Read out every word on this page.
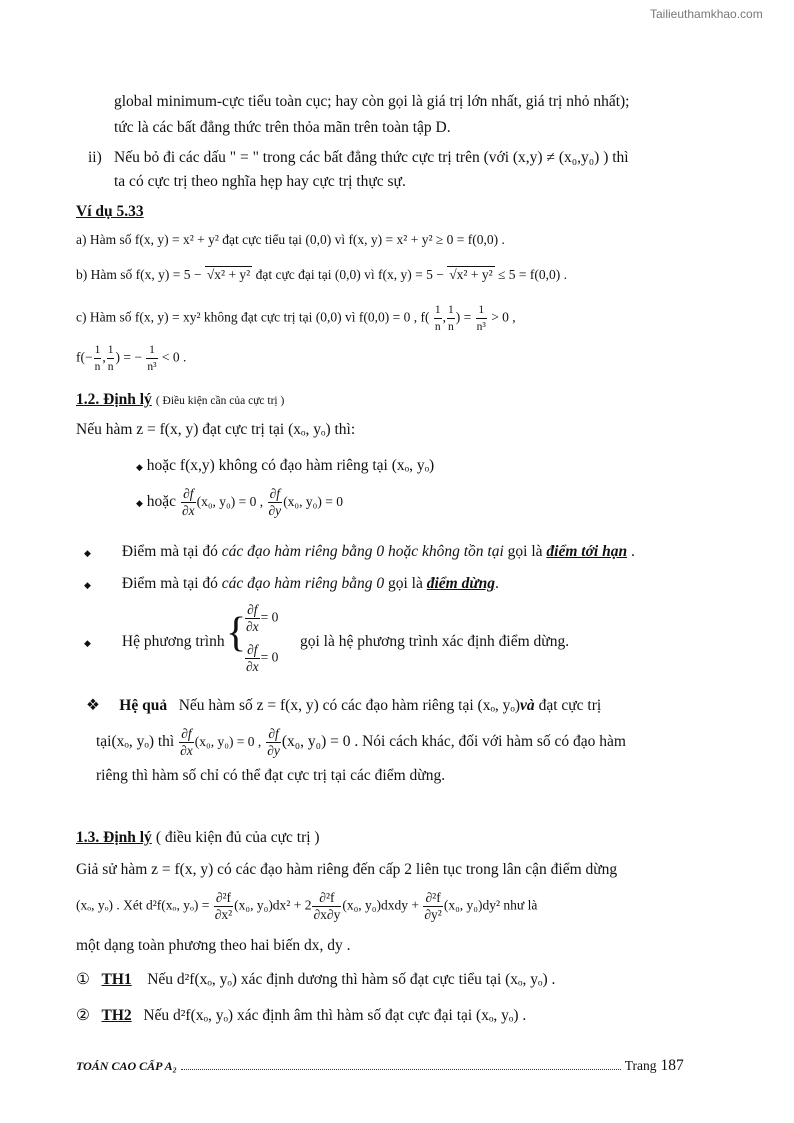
Tailieuthamkhao.com
global minimum-cực tiểu toàn cục; hay còn gọi là giá trị lớn nhất, giá trị nhỏ nhất);
tức là các bất đẳng thức trên thỏa mãn trên toàn tập D.
ii) Nếu bỏ đi các dấu " = " trong các bất đẳng thức cực trị trên (với (x,y) ≠ (x₀,y₀) ) thì
ta có cực trị theo nghĩa hẹp hay cực trị thực sự.
Ví dụ 5.33
a) Hàm số f(x, y) = x² + y² đạt cực tiểu tại (0,0) vì f(x, y) = x² + y² ≥ 0 = f(0,0) .
b) Hàm số f(x, y) = 5 − √x² + y² đạt cực đại tại (0,0) vì f(x, y) = 5 − √x² + y² ≤ 5 = f(0,0) .
c) Hàm số f(x, y) = xy² không đạt cực trị tại (0,0) vì f(0,0) = 0 , $f( \frac{1}{n}$ , $\frac{1}{n}$ ) = $\frac{1}{\text{n³}} > 0$ ,
$f(- \frac{1}{n}$ , $\frac{1}{n}$ ) = − $\frac{1}{\text{n³}} < 0$ .
1.2. Định lý ( Điều kiện cần của cực trị )
Nếu hàm z = f(x, y) đạt cực trị tại (xₒ, yₒ) thì:
◆ hoặc f(x,y) không có đạo hàm riêng tại (xₒ, yₒ)
◆ hoặc $\frac{\partial f}{\partial x} (x_0$, y₀) = 0 , $\frac{\partial f}{\partial y} (x_0$, y₀) = 0
◆ Điểm mà tại đó các đạo hàm riêng bằng 0 hoặc không tồn tại gọi là điểm tới hạn .
◆ Điểm mà tại đó các đạo hàm riêng bằng 0 gọi là điểm dừng.
◆ Hệ phương trình {
$\frac{\partial f}{\partial x} = 0$
$\frac{\partial f}{\partial x} = 0$
gọi là hệ phương trình xác định điểm dừng.
❖ Hệ quả Nếu hàm số z = f(x, y) có các đạo hàm riêng tại (xₒ, yₒ)và đạt cực trị
tại(xₒ, yₒ) thì $\frac{\partial f}{\partial x} (x_0$, y₀) = 0 , $\frac{\partial f}{\partial y} (x_0$, y₀) = 0 . Nói cách khác, đối với hàm số có đạo hàm
riêng thì hàm số chỉ có thể đạt cực trị tại các điểm dừng.
1.3. Định lý ( điều kiện đủ của cực trị )
Giả sử hàm z = f(x, y) có các đạo hàm riêng đến cấp 2 liên tục trong lân cận điểm dừng
(xₒ, yₒ) . Xét d²f(xₒ, $y_o) = \frac{\text{∂²f}}{\text{∂x²}} (x_0$, $y_0)dx^2 + 2 \frac{\text{∂²f}}{\partial x\partial y} (x_0$, y₀)dxdy + $\frac{\text{∂²f}}{\text{∂y²}} (x_0$, y₀)dy² như là
một dạng toàn phương theo hai biến dx, dy .
① TH1 Nếu d²f(xₒ, yₒ) xác định dương thì hàm số đạt cực tiểu tại (xₒ, yₒ) .
② TH2 Nếu d²f(xₒ, yₒ) xác định âm thì hàm số đạt cực đại tại (xₒ, yₒ) .
TOÁN CAO CẤP A₂	Trang 187
